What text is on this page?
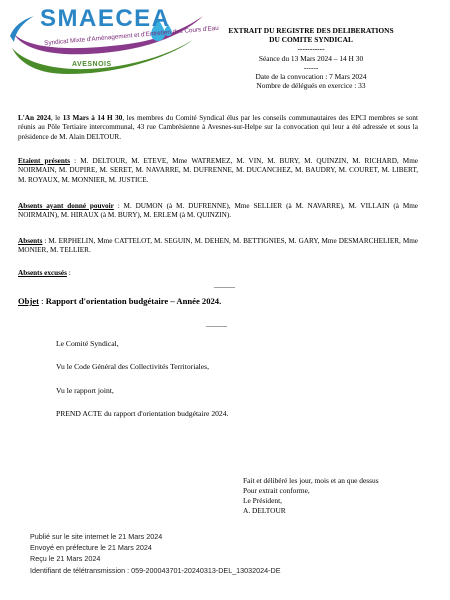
SMAECEA
Syndicat Mixte d'Aménagement et d'Entretien des Cours d'Eau
AVESNOIS
EXTRAIT DU REGISTRE DES DELIBERATIONS
DU COMITE SYNDICAL
-----------
Séance du 13 Mars 2024 – 14 H 30
------
Date de la convocation : 7 Mars 2024
Nombre de délégués en exercice : 33
L'An 2024, le 13 Mars à 14 H 30, les membres du Comité Syndical élus par les conseils communautaires des EPCI membres se sont réunis au Pôle Tertiaire intercommunal, 43 rue Cambrésienne à Avesnes-sur-Helpe sur la convocation qui leur a été adressée et sous la présidence de M. Alain DELTOUR.
Etaient présents : M. DELTOUR, M. ETEVE, Mme WATREMEZ, M. VIN, M. BURY, M. QUINZIN, M. RICHARD, Mme NOIRMAIN, M. DUPIRE, M. SERET, M. NAVARRE, M. DUFRENNE, M. DUCANCHEZ, M. BAUDRY, M. COURET, M. LIBERT, M. ROYAUX, M. MONNIER, M. JUSTICE.
Absents ayant donné pouvoir : M. DUMON (à M. DUFRENNE), Mme SELLIER (à M. NAVARRE), M. VILLAIN (à Mme NOIRMAIN), M. HIRAUX (à M. BURY), M. ERLEM (à M. QUINZIN).
Absents : M. ERPHELIN, Mme CATTELOT, M. SEGUIN, M. DEHEN, M. BETTIGNIES, M. GARY, Mme DESMARCHELIER, Mme MONIER, M. TELLIER.
Absents excusés :
______
Objet : Rapport d'orientation budgétaire – Année 2024.
______
Le Comité Syndical,
Vu le Code Général des Collectivités Territoriales,
Vu le rapport joint,
PREND ACTE du rapport d'orientation budgétaire 2024.
Fait et délibéré les jour, mois et an que dessus
Pour extrait conforme,
Le Président,
A. DELTOUR
Publié sur le site internet le 21 Mars 2024
Envoyé en préfecture le 21 Mars 2024
Reçu le 21 Mars 2024
Identifiant de télétransmission : 059-200043701-20240313-DEL_13032024-DE
